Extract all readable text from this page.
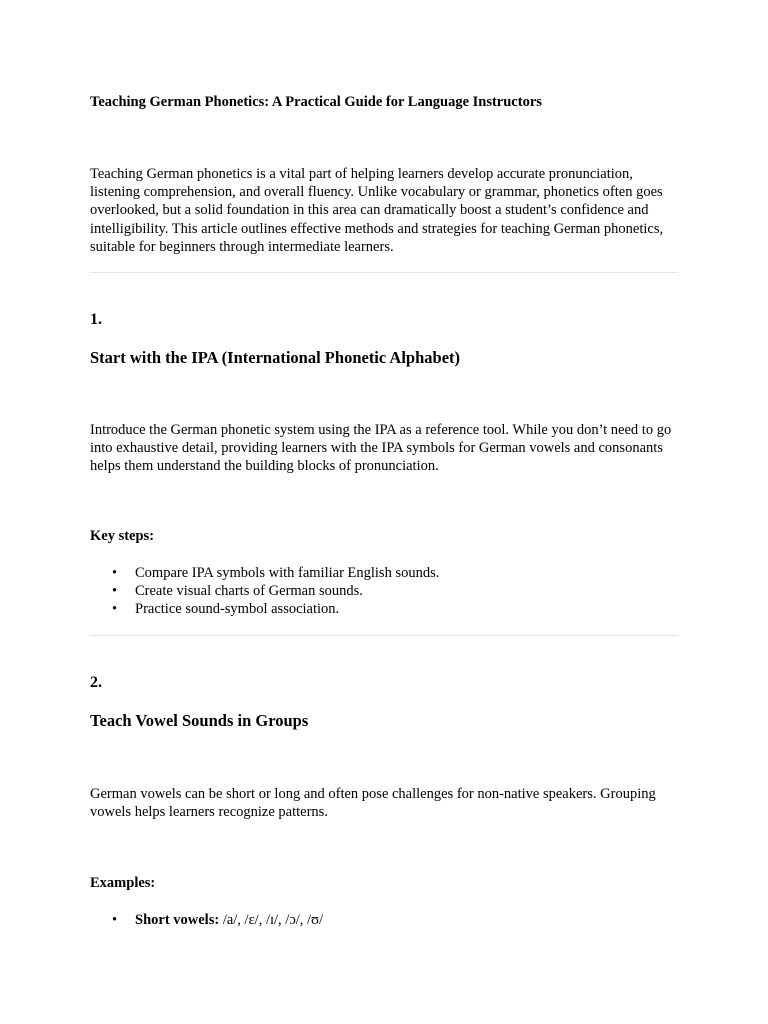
Teaching German Phonetics: A Practical Guide for Language Instructors

Teaching German phonetics is a vital part of helping learners develop accurate pronunciation, listening comprehension, and overall fluency. Unlike vocabulary or grammar, phonetics often goes overlooked, but a solid foundation in this area can dramatically boost a student’s confidence and intelligibility. This article outlines effective methods and strategies for teaching German phonetics, suitable for beginners through intermediate learners.

1.

Start with the IPA (International Phonetic Alphabet)

Introduce the German phonetic system using the IPA as a reference tool. While you don’t need to go into exhaustive detail, providing learners with the IPA symbols for German vowels and consonants helps them understand the building blocks of pronunciation.

Key steps:

• Compare IPA symbols with familiar English sounds.
• Create visual charts of German sounds.
• Practice sound-symbol association.

2.

Teach Vowel Sounds in Groups

German vowels can be short or long and often pose challenges for non-native speakers. Grouping vowels helps learners recognize patterns.

Examples:

• Short vowels: /a/, /ɛ/, /ɪ/, /ɔ/, /ʊ/
